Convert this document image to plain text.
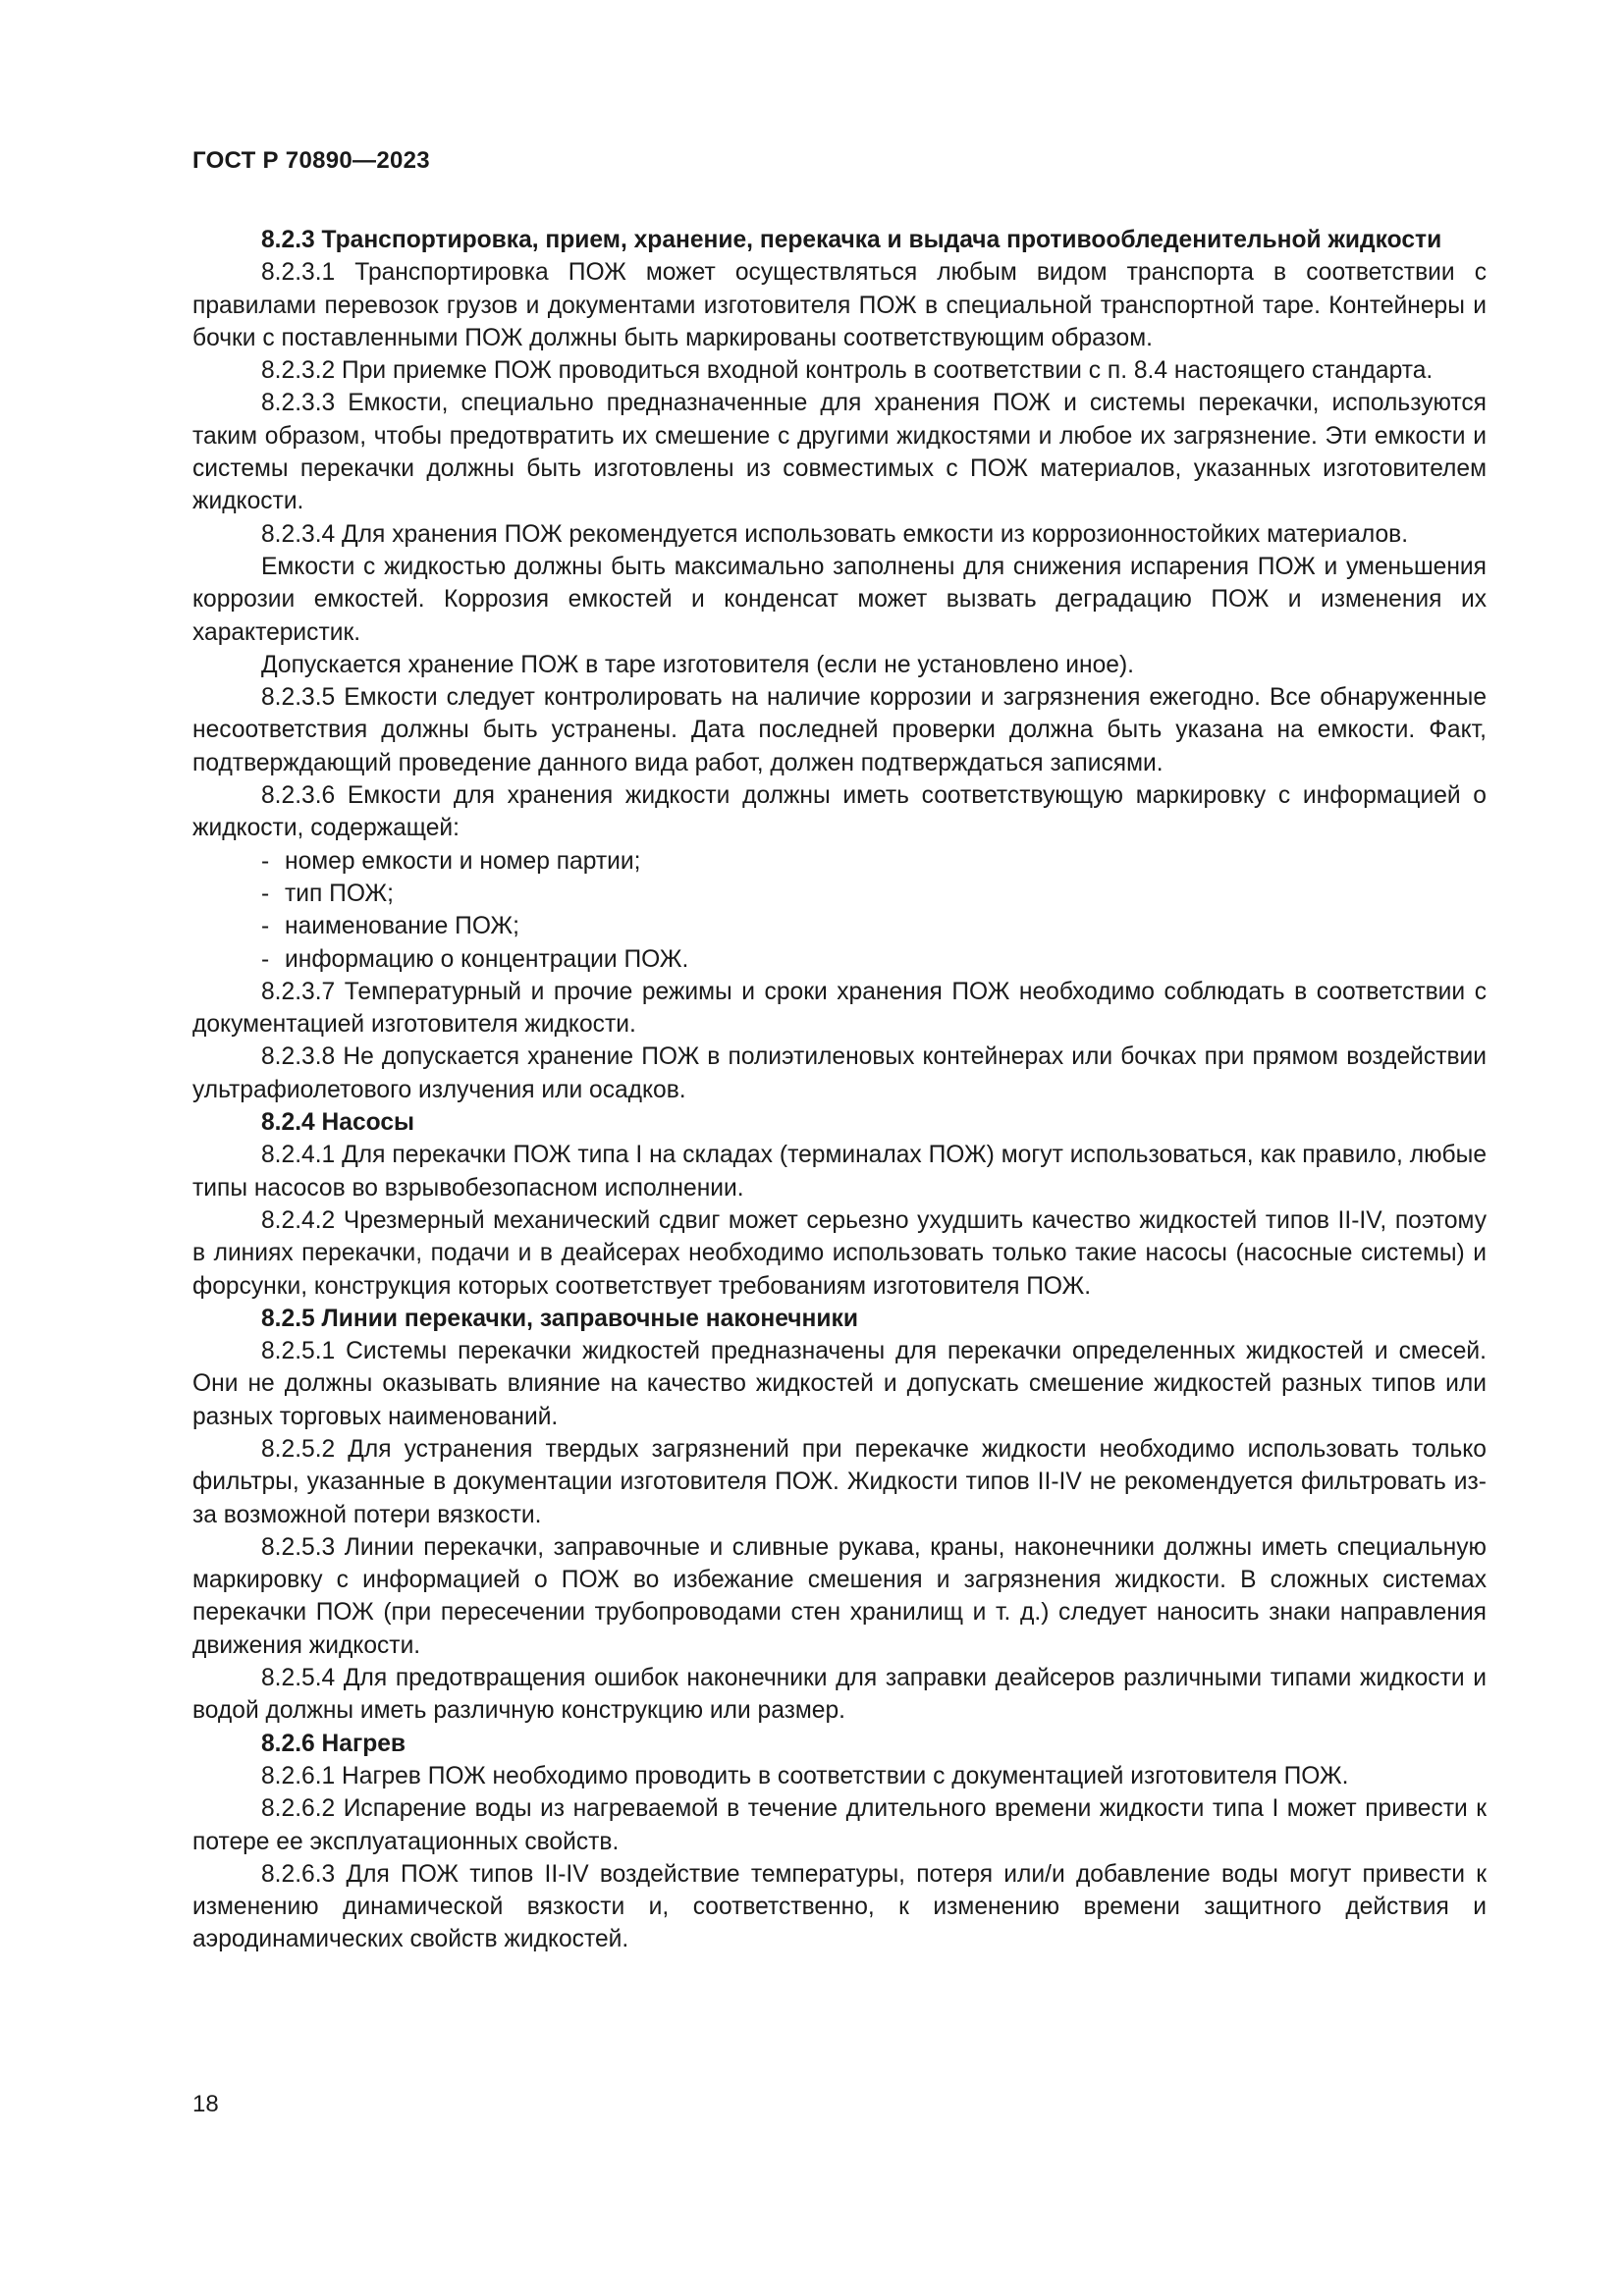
ГОСТ Р 70890—2023

8.2.3 Транспортировка, прием, хранение, перекачка и выдача противообледенительной жидкости

8.2.3.1 Транспортировка ПОЖ может осуществляться любым видом транспорта в соответствии с правилами перевозок грузов и документами изготовителя ПОЖ в специальной транспортной таре. Контейнеры и бочки с поставленными ПОЖ должны быть маркированы соответствующим образом.

8.2.3.2 При приемке ПОЖ проводиться входной контроль в соответствии с п. 8.4 настоящего стандарта.

8.2.3.3 Емкости, специально предназначенные для хранения ПОЖ и системы перекачки, используются таким образом, чтобы предотвратить их смешение с другими жидкостями и любое их загрязнение. Эти емкости и системы перекачки должны быть изготовлены из совместимых с ПОЖ материалов, указанных изготовителем жидкости.

8.2.3.4 Для хранения ПОЖ рекомендуется использовать емкости из коррозионностойких материалов.

Емкости с жидкостью должны быть максимально заполнены для снижения испарения ПОЖ и уменьшения коррозии емкостей. Коррозия емкостей и конденсат может вызвать деградацию ПОЖ и изменения их характеристик.

Допускается хранение ПОЖ в таре изготовителя (если не установлено иное).

8.2.3.5 Емкости следует контролировать на наличие коррозии и загрязнения ежегодно. Все обнаруженные несоответствия должны быть устранены. Дата последней проверки должна быть указана на емкости. Факт, подтверждающий проведение данного вида работ, должен подтверждаться записями.

8.2.3.6 Емкости для хранения жидкости должны иметь соответствующую маркировку с информацией о жидкости, содержащей:

- номер емкости и номер партии;

- тип ПОЖ;

- наименование ПОЖ;

- информацию о концентрации ПОЖ.

8.2.3.7 Температурный и прочие режимы и сроки хранения ПОЖ необходимо соблюдать в соответствии с документацией изготовителя жидкости.

8.2.3.8 Не допускается хранение ПОЖ в полиэтиленовых контейнерах или бочках при прямом воздействии ультрафиолетового излучения или осадков.

8.2.4 Насосы

8.2.4.1 Для перекачки ПОЖ типа I на складах (терминалах ПОЖ) могут использоваться, как правило, любые типы насосов во взрывобезопасном исполнении.

8.2.4.2 Чрезмерный механический сдвиг может серьезно ухудшить качество жидкостей типов II-IV, поэтому в линиях перекачки, подачи и в деайсерах необходимо использовать только такие насосы (насосные системы) и форсунки, конструкция которых соответствует требованиям изготовителя ПОЖ.

8.2.5 Линии перекачки, заправочные наконечники

8.2.5.1 Системы перекачки жидкостей предназначены для перекачки определенных жидкостей и смесей. Они не должны оказывать влияние на качество жидкостей и допускать смешение жидкостей разных типов или разных торговых наименований.

8.2.5.2 Для устранения твердых загрязнений при перекачке жидкости необходимо использовать только фильтры, указанные в документации изготовителя ПОЖ. Жидкости типов II-IV не рекомендуется фильтровать из-за возможной потери вязкости.

8.2.5.3 Линии перекачки, заправочные и сливные рукава, краны, наконечники должны иметь специальную маркировку с информацией о ПОЖ во избежание смешения и загрязнения жидкости. В сложных системах перекачки ПОЖ (при пересечении трубопроводами стен хранилищ и т. д.) следует наносить знаки направления движения жидкости.

8.2.5.4 Для предотвращения ошибок наконечники для заправки деайсеров различными типами жидкости и водой должны иметь различную конструкцию или размер.

8.2.6 Нагрев

8.2.6.1 Нагрев ПОЖ необходимо проводить в соответствии с документацией изготовителя ПОЖ.

8.2.6.2 Испарение воды из нагреваемой в течение длительного времени жидкости типа I может привести к потере ее эксплуатационных свойств.

8.2.6.3 Для ПОЖ типов II-IV воздействие температуры, потеря или/и добавление воды могут привести к изменению динамической вязкости и, соответственно, к изменению времени защитного действия и аэродинамических свойств жидкостей.

18
